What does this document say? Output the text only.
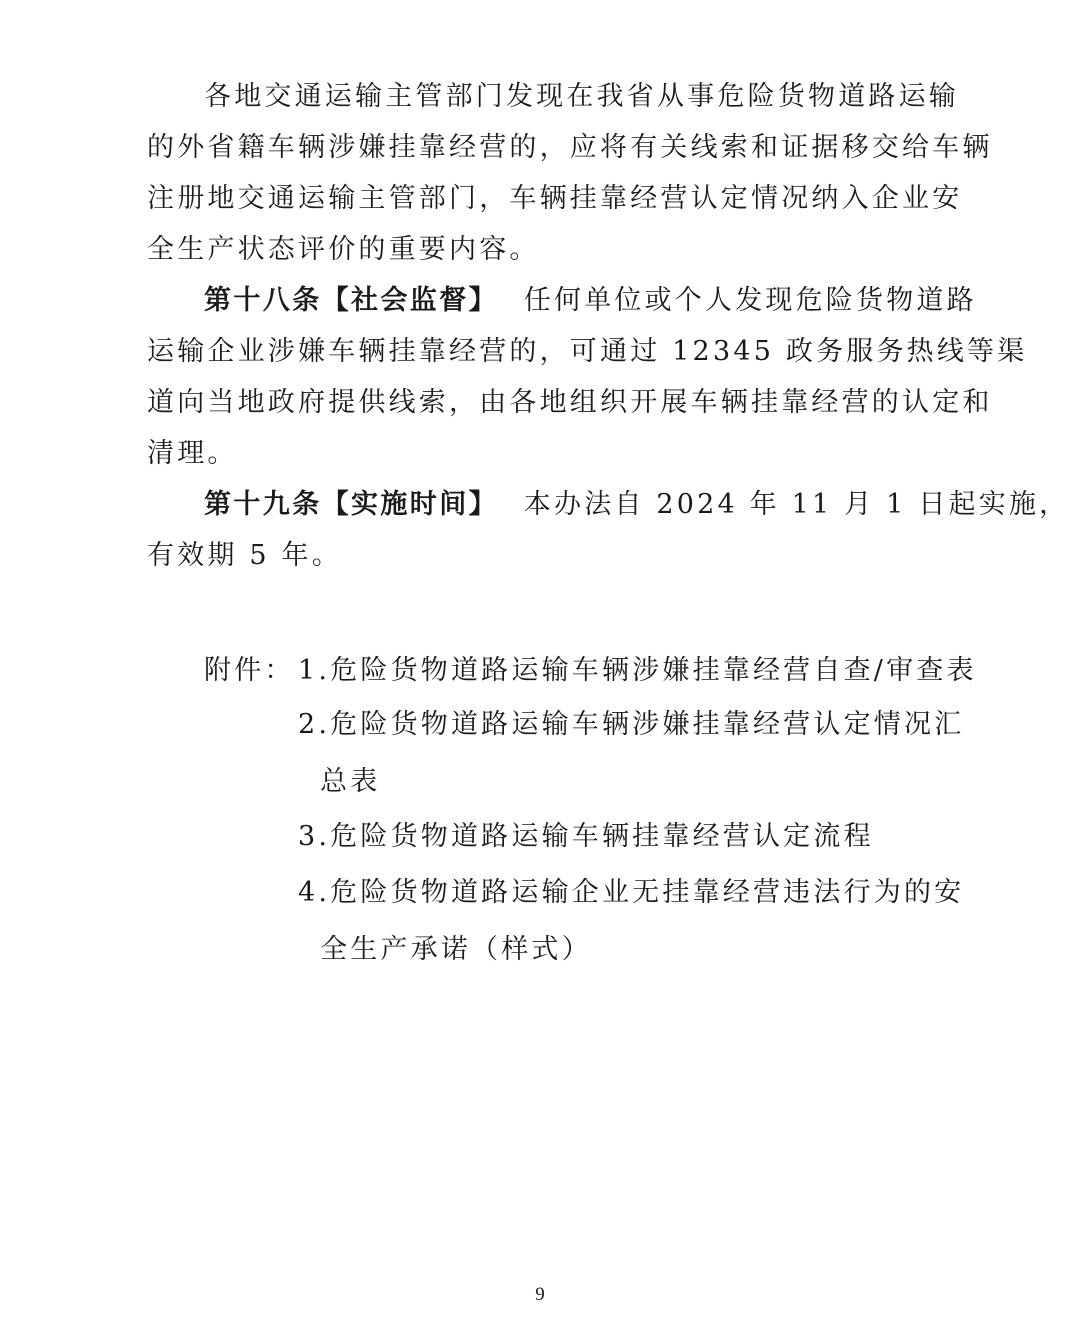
各地交通运输主管部门发现在我省从事危险货物道路运输
的外省籍车辆涉嫌挂靠经营的，应将有关线索和证据移交给车辆
注册地交通运输主管部门，车辆挂靠经营认定情况纳入企业安
全生产状态评价的重要内容。
第十八条【社会监督】 任何单位或个人发现危险货物道路
运输企业涉嫌车辆挂靠经营的，可通过 12345 政务服务热线等渠
道向当地政府提供线索，由各地组织开展车辆挂靠经营的认定和
清理。
第十九条【实施时间】 本办法自 2024 年 11 月 1 日起实施，
有效期 5 年。
附件： 1.危险货物道路运输车辆涉嫌挂靠经营自查/审查表
2.危险货物道路运输车辆涉嫌挂靠经营认定情况汇
总表
3.危险货物道路运输车辆挂靠经营认定流程
4.危险货物道路运输企业无挂靠经营违法行为的安
全生产承诺（样式）
9
